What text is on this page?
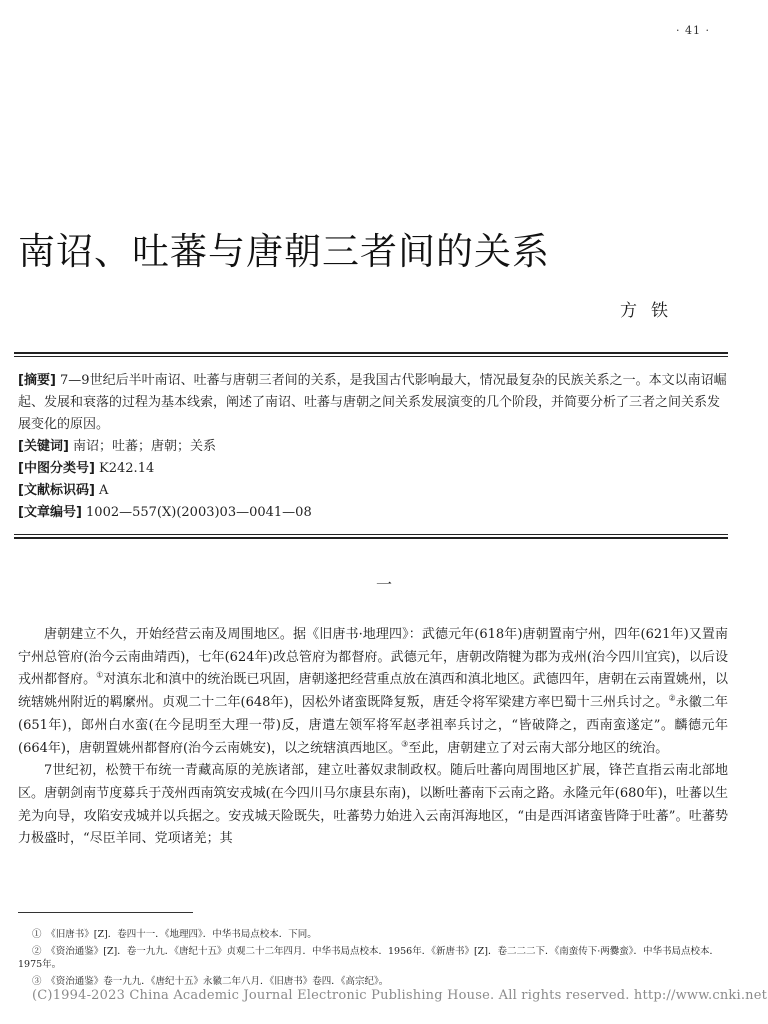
· 41 ·
南诏、吐蕃与唐朝三者间的关系
方铁
[摘要] 7—9世纪后半叶南诏、吐蕃与唐朝三者间的关系，是我国古代影响最大，情况最复杂的民族关系之一。本文以南诏崛起、发展和衰落的过程为基本线索，阐述了南诏、吐蕃与唐朝之间关系发展演变的几个阶段，并简要分析了三者之间关系发展变化的原因。
[关键词] 南诏；吐蕃；唐朝；关系
[中图分类号] K242.14
[文献标识码] A
[文章编号] 1002—557(X)(2003)03—0041—08
一

唐朝建立不久，开始经营云南及周围地区。据《旧唐书·地理四》：武德元年(618年)唐朝置南宁州，四年(621年)又置南宁州总管府(治今云南曲靖西)，七年(624年)改总管府为都督府。武德元年，唐朝改隋犍为郡为戎州(治今四川宜宾)，以后设戎州都督府。①对滇东北和滇中的统治既已巩固，唐朝遂把经营重点放在滇西和滇北地区。武德四年，唐朝在云南置姚州，以统辖姚州附近的羁縻州。贞观二十二年(648年)，因松外诸蛮既降复叛，唐廷令将军梁建方率巴蜀十三州兵讨之。②永徽二年(651年)，郎州白水蛮(在今昆明至大理一带)反，唐遣左领军将军赵孝祖率兵讨之，“皆破降之，西南蛮遂定”。麟德元年(664年)，唐朝置姚州都督府(治今云南姚安)，以之统辖滇西地区。③至此，唐朝建立了对云南大部分地区的统治。

7世纪初，松赞干布统一青藏高原的羌族诸部，建立吐蕃奴隶制政权。随后吐蕃向周围地区扩展，锋芒直指云南北部地区。唐朝剑南节度募兵于茂州西南筑安戎城(在今四川马尔康县东南)，以断吐蕃南下云南之路。永隆元年(680年)，吐蕃以生羌为向导，攻陷安戎城并以兵据之。安戎城天险既失，吐蕃势力始进入云南洱海地区，“由是西洱诸蛮皆降于吐蕃”。吐蕃势力极盛时，“尽臣羊同、党项诸羌；其

①　《旧唐书》[Z]．卷四十一．《地理四》．中华书局点校本．下同。

②　《资治通鉴》[Z]．卷一九九．《唐纪十五》贞观二十二年四月．中华书局点校本．1956年．《新唐书》[Z]．卷二二二下．《南蛮传下·两爨蛮》．中华书局点校本．1975年。

③　《资治通鉴》卷一九九．《唐纪十五》永徽二年八月．《旧唐书》卷四．《高宗纪》。

(C)1994-2023 China Academic Journal Electronic Publishing House. All rights reserved. http://www.cnki.net
